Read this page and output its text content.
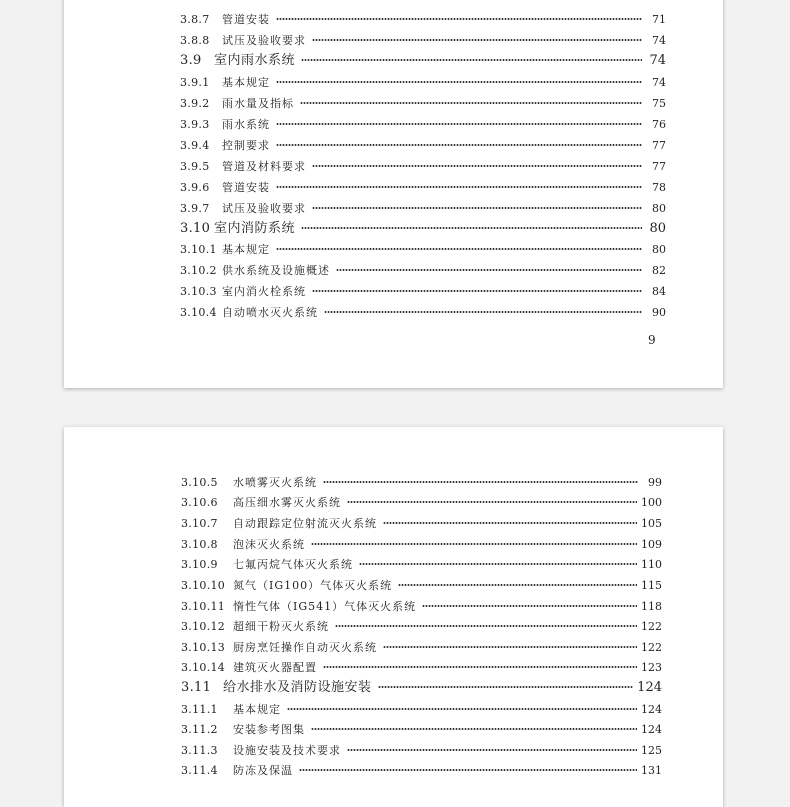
3.8.7	管道安装	71
3.8.8	试压及验收要求	74
3.9 室内雨水系统	74
3.9.1	基本规定	74
3.9.2	雨水量及指标	75
3.9.3	雨水系统	76
3.9.4	控制要求	77
3.9.5	管道及材料要求	77
3.9.6	管道安装	78
3.9.7	试压及验收要求	80
3.10 室内消防系统	80
3.10.1 基本规定	80
3.10.2 供水系统及设施概述	82
3.10.3 室内消火栓系统	84
3.10.4 自动喷水灭火系统	90
9
3.10.5	水喷雾灭火系统	99
3.10.6	高压细水雾灭火系统	100
3.10.7	自动跟踪定位射流灭火系统	105
3.10.8	泡沫灭火系统	109
3.10.9	七氟丙烷气体灭火系统	110
3.10.10 氮气（IG100）气体灭火系统	115
3.10.11 惰性气体（IG541）气体灭火系统	118
3.10.12 超细干粉灭火系统	122
3.10.13 厨房烹饪操作自动灭火系统	122
3.10.14 建筑灭火器配置	123
3.11 给水排水及消防设施安装	124
3.11.1	基本规定	124
3.11.2	安装参考图集	124
3.11.3	设施安装及技术要求	125
3.11.4	防冻及保温	131
